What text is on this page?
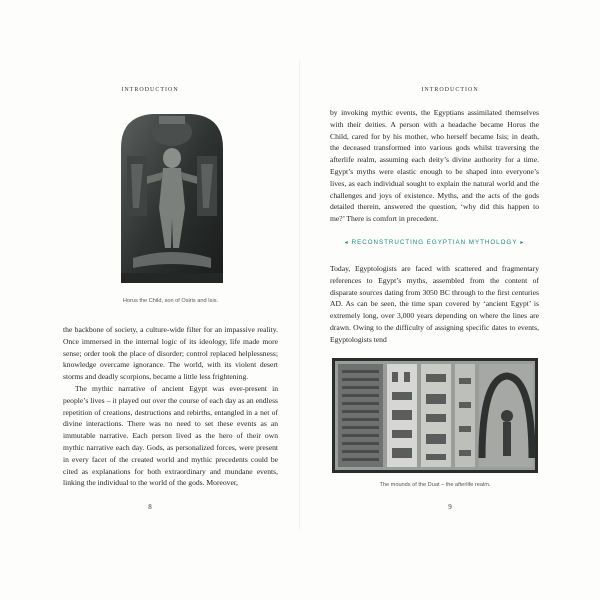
INTRODUCTION
Horus the Child, son of Osiris and Isis.

the backbone of society, a culture-wide filter for an impassive reality. Once immersed in the internal logic of its ideology, life made more sense; order took the place of disorder; control replaced helplessness; knowledge overcame ignorance. The world, with its violent desert storms and deadly scorpions, became a little less frightening.

The mythic narrative of ancient Egypt was ever-present in people’s lives – it played out over the course of each day as an endless repetition of creations, destructions and rebirths, entangled in a net of divine interactions. There was no need to set these events as an immutable narrative. Each person lived as the hero of their own mythic narrative each day. Gods, as personalized forces, were present in every facet of the created world and mythic precedents could be cited as explanations for both extraordinary and mundane events, linking the individual to the world of the gods. Moreover,

8
INTRODUCTION

by invoking mythic events, the Egyptians assimilated themselves with their deities. A person with a headache became Horus the Child, cared for by his mother, who herself became Isis; in death, the deceased transformed into various gods whilst traversing the afterlife realm, assuming each deity’s divine authority for a time. Egypt’s myths were elastic enough to be shaped into everyone’s lives, as each individual sought to explain the natural world and the challenges and joys of existence. Myths, and the acts of the gods detailed therein, answered the question, ‘why did this happen to me?’ There is comfort in precedent.

◂ RECONSTRUCTING EGYPTIAN MYTHOLOGY ▸

Today, Egyptologists are faced with scattered and fragmentary references to Egypt’s myths, assembled from the content of disparate sources dating from 3050 BC through to the first centuries AD. As can be seen, the time span covered by ‘ancient Egypt’ is extremely long, over 3,000 years depending on where the lines are drawn. Owing to the difficulty of assigning specific dates to events, Egyptologists tend

The mounds of the Duat – the afterlife realm.
9
